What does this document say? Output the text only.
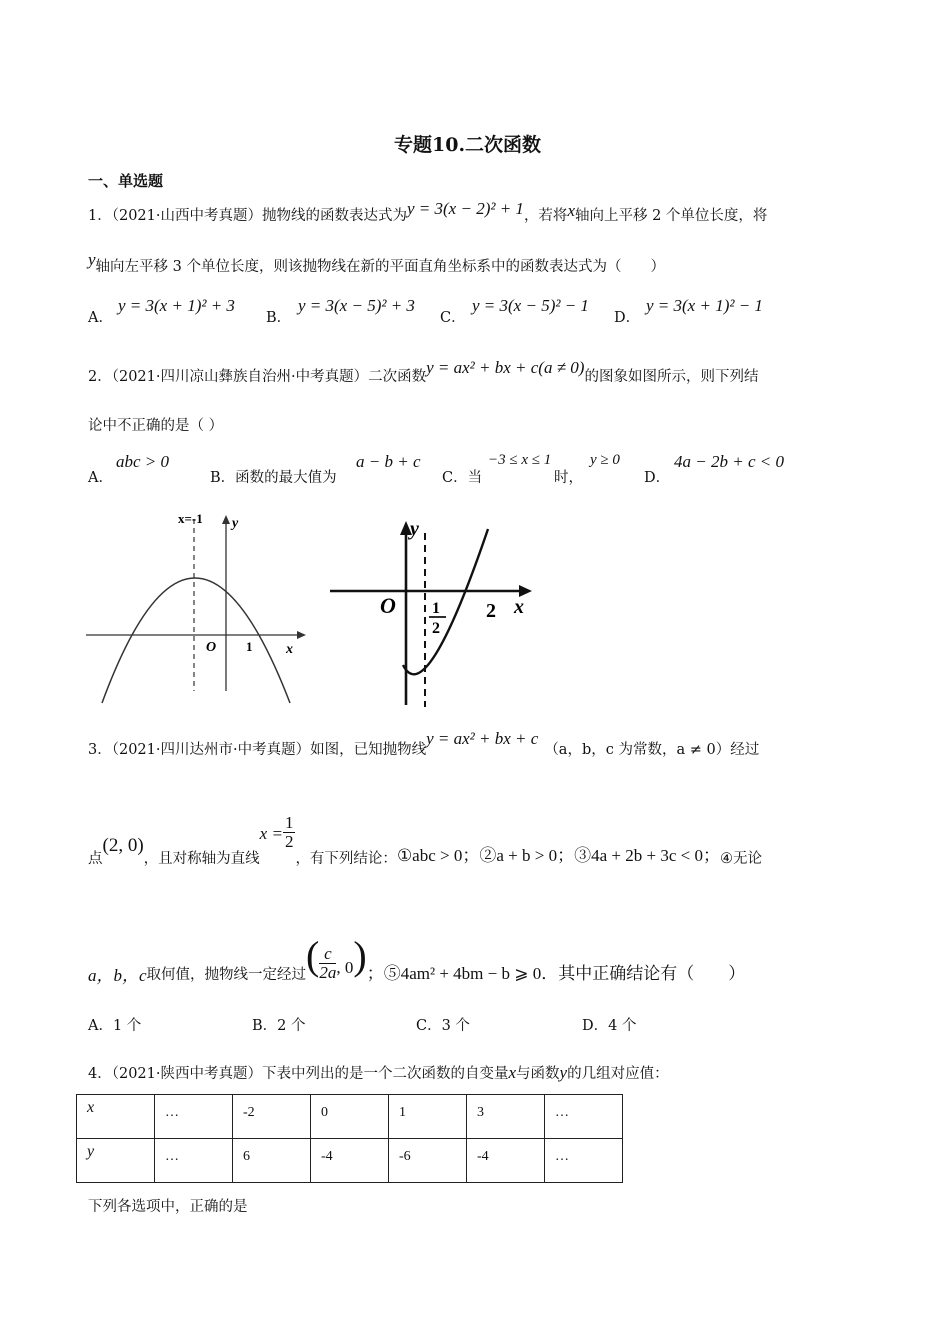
专题10.二次函数
一、单选题
1．（2021·山西中考真题）抛物线的函数表达式为y = 3(x − 2)² + 1，若将x轴向上平移 2 个单位长度，将
y轴向左平移 3 个单位长度，则该抛物线在新的平面直角坐标系中的函数表达式为（　　）
A．
y = 3(x + 1)² + 3
B．
y = 3(x − 5)² + 3
C．
y = 3(x − 5)² − 1
D．
y = 3(x + 1)² − 1
2．（2021·四川凉山彝族自治州·中考真题）二次函数y = ax² + bx + c(a ≠ 0)的图象如图所示，则下列结
论中不正确的是（ ）
A．
abc > 0
B．函数的最大值为
a − b + c
C．当
−3 ≤ x ≤ 1
时，
y ≥ 0
D．
4a − 2b + c < 0
x=-1 y
O 1 x
y
O 1
2
2 x
3．（2021·四川达州市·中考真题）如图，已知抛物线y = ax² + bx + c（a，b，c 为常数，a ≠ 0）经过
点(2, 0)，且对称轴为直线$x = \frac{1}{2}$
，有下列结论：①abc > 0；②a + b > 0；③4a + 2b + 3c < 0；④无论
a，b，c取何值，抛物线一定经过( $\frac{c}{2a}$ , 0)；⑤4am² + 4bm − b ⩾ 0．其中正确结论有（　　）
A．1 个	B．2 个	C．3 个	D．4 个
4．（2021·陕西中考真题）下表中列出的是一个二次函数的自变量x与函数y的几组对应值：
x	…	-2	0	1	3	…
y	…	6	-4	-6	-4	…
下列各选项中，正确的是
